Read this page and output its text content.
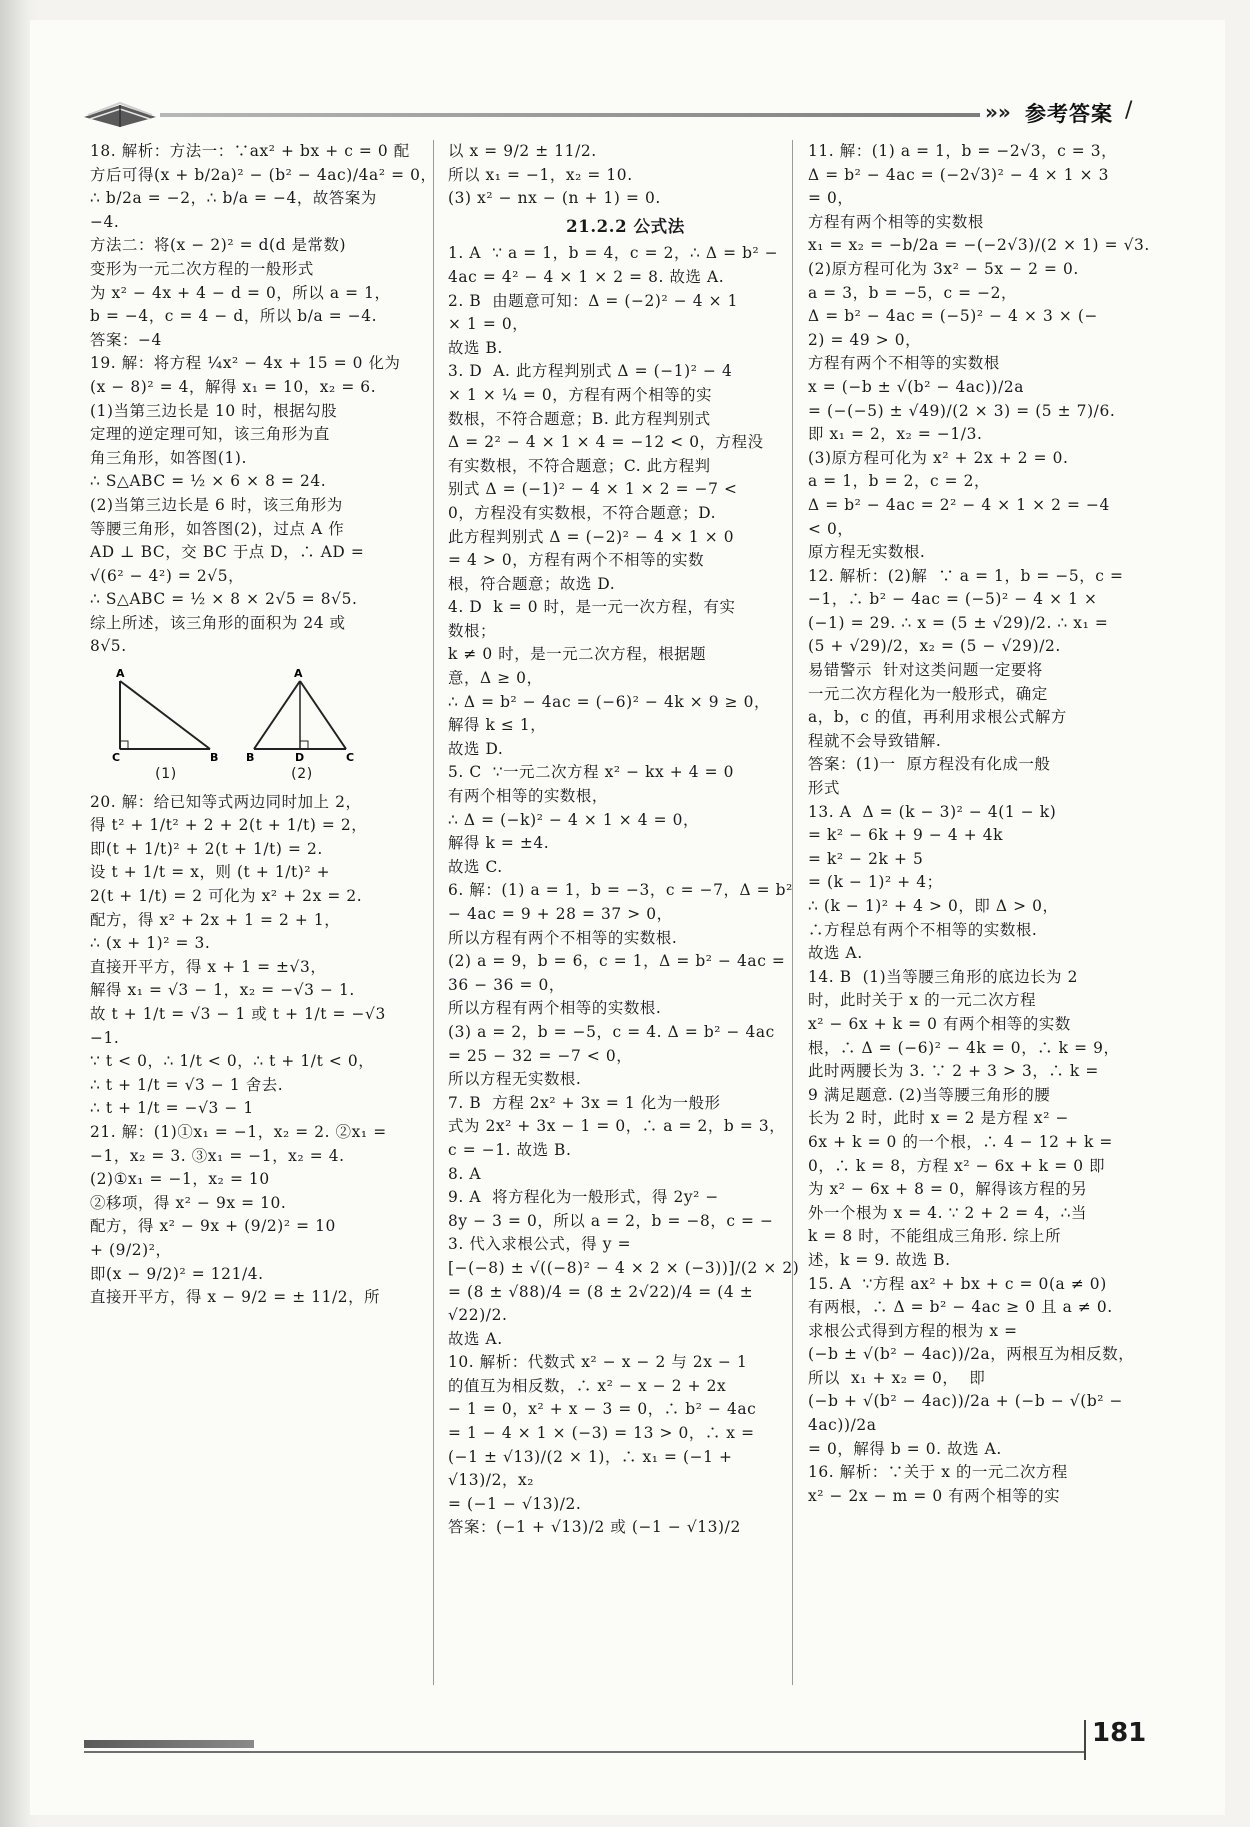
»» 参考答案 /
18. 解析：方法一：∵ax² + bx + c = 0 配
方后可得(x + b/2a)² − (b² − 4ac)/4a² = 0，
∴ b/2a = −2，∴ b/a = −4，故答案为
−4.
方法二：将(x − 2)² = d(d 是常数)
变形为一元二次方程的一般形式
为 x² − 4x + 4 − d = 0，所以 a = 1，
b = −4，c = 4 − d，所以 b/a = −4.
答案：−4
19. 解：将方程 ¼x² − 4x + 15 = 0 化为
(x − 8)² = 4，解得 x₁ = 10，x₂ = 6.
(1)当第三边长是 10 时，根据勾股
定理的逆定理可知，该三角形为直
角三角形，如答图(1).
∴ S△ABC = ½ × 6 × 8 = 24.
(2)当第三边长是 6 时，该三角形为
等腰三角形，如答图(2)，过点 A 作
AD ⊥ BC，交 BC 于点 D，∴ AD =
√(6² − 4²) = 2√5，
∴ S△ABC = ½ × 8 × 2√5 = 8√5.
综上所述，该三角形的面积为 24 或
8√5.
A
C	B
(1)
A
B	D	C
(2)
20. 解：给已知等式两边同时加上 2，
得 t² + 1/t² + 2 + 2(t + 1/t) = 2，
即(t + 1/t)² + 2(t + 1/t) = 2.
设 t + 1/t = x，则 (t + 1/t)² +
2(t + 1/t) = 2 可化为 x² + 2x = 2.
配方，得 x² + 2x + 1 = 2 + 1，
∴ (x + 1)² = 3.
直接开平方，得 x + 1 = ±√3，
解得 x₁ = √3 − 1，x₂ = −√3 − 1.
故 t + 1/t = √3 − 1 或 t + 1/t = −√3
−1.
∵ t < 0，∴ 1/t < 0，∴ t + 1/t < 0，
∴ t + 1/t = √3 − 1 舍去.
∴ t + 1/t = −√3 − 1
21. 解：(1)①x₁ = −1，x₂ = 2. ②x₁ =
−1，x₂ = 3. ③x₁ = −1，x₂ = 4.
(2)①x₁ = −1，x₂ = 10
②移项，得 x² − 9x = 10.
配方，得 x² − 9x + (9/2)² = 10
+ (9/2)²，
即(x − 9/2)² = 121/4.
直接开平方，得 x − 9/2 = ± 11/2，所
以 x = 9/2 ± 11/2.
所以 x₁ = −1，x₂ = 10.
(3) x² − nx − (n + 1) = 0.
21.2.2 公式法
1. A  ∵ a = 1，b = 4，c = 2，∴ Δ = b² −
4ac = 4² − 4 × 1 × 2 = 8. 故选 A.
2. B  由题意可知：Δ = (−2)² − 4 × 1
× 1 = 0，
故选 B.
3. D  A. 此方程判别式 Δ = (−1)² − 4
× 1 × ¼ = 0，方程有两个相等的实
数根，不符合题意；B. 此方程判别式
Δ = 2² − 4 × 1 × 4 = −12 < 0，方程没
有实数根，不符合题意；C. 此方程判
别式 Δ = (−1)² − 4 × 1 × 2 = −7 <
0，方程没有实数根，不符合题意；D.
此方程判别式 Δ = (−2)² − 4 × 1 × 0
= 4 > 0，方程有两个不相等的实数
根，符合题意；故选 D.
4. D  k = 0 时，是一元一次方程，有实
数根；
k ≠ 0 时，是一元二次方程，根据题
意，Δ ≥ 0，
∴ Δ = b² − 4ac = (−6)² − 4k × 9 ≥ 0，
解得 k ≤ 1，
故选 D.
5. C  ∵一元二次方程 x² − kx + 4 = 0
有两个相等的实数根，
∴ Δ = (−k)² − 4 × 1 × 4 = 0，
解得 k = ±4.
故选 C.
6. 解：(1) a = 1，b = −3，c = −7，Δ = b²
− 4ac = 9 + 28 = 37 > 0，
所以方程有两个不相等的实数根.
(2) a = 9，b = 6，c = 1，Δ = b² − 4ac =
36 − 36 = 0，
所以方程有两个相等的实数根.
(3) a = 2，b = −5，c = 4. Δ = b² − 4ac
= 25 − 32 = −7 < 0，
所以方程无实数根.
7. B  方程 2x² + 3x = 1 化为一般形
式为 2x² + 3x − 1 = 0，∴ a = 2，b = 3，
c = −1. 故选 B.
8. A
9. A  将方程化为一般形式，得 2y² −
8y − 3 = 0，所以 a = 2，b = −8，c = −
3. 代入求根公式，得 y =
[−(−8) ± √((−8)² − 4 × 2 × (−3))]/(2 × 2)
= (8 ± √88)/4 = (8 ± 2√22)/4 = (4 ± √22)/2.
故选 A.
10. 解析：代数式 x² − x − 2 与 2x − 1
的值互为相反数，∴ x² − x − 2 + 2x
− 1 = 0，x² + x − 3 = 0，∴ b² − 4ac
= 1 − 4 × 1 × (−3) = 13 > 0，∴ x =
(−1 ± √13)/(2 × 1)，∴ x₁ = (−1 + √13)/2，x₂
= (−1 − √13)/2.
答案：(−1 + √13)/2 或 (−1 − √13)/2
11. 解：(1) a = 1，b = −2√3，c = 3，
Δ = b² − 4ac = (−2√3)² − 4 × 1 × 3
= 0，
方程有两个相等的实数根
x₁ = x₂ = −b/2a = −(−2√3)/(2 × 1) = √3.
(2)原方程可化为 3x² − 5x − 2 = 0.
a = 3，b = −5，c = −2，
Δ = b² − 4ac = (−5)² − 4 × 3 × (−
2) = 49 > 0，
方程有两个不相等的实数根
x = (−b ± √(b² − 4ac))/2a
= (−(−5) ± √49)/(2 × 3) = (5 ± 7)/6.
即 x₁ = 2，x₂ = −1/3.
(3)原方程可化为 x² + 2x + 2 = 0.
a = 1，b = 2，c = 2，
Δ = b² − 4ac = 2² − 4 × 1 × 2 = −4
< 0，
原方程无实数根.
12. 解析：(2)解  ∵ a = 1，b = −5，c =
−1，∴ b² − 4ac = (−5)² − 4 × 1 ×
(−1) = 29. ∴ x = (5 ± √29)/2. ∴ x₁ =
(5 + √29)/2，x₂ = (5 − √29)/2.
易错警示  针对这类问题一定要将
一元二次方程化为一般形式，确定
a，b，c 的值，再利用求根公式解方
程就不会导致错解.
答案：(1)一  原方程没有化成一般
形式
13. A  Δ = (k − 3)² − 4(1 − k)
= k² − 6k + 9 − 4 + 4k
= k² − 2k + 5
= (k − 1)² + 4；
∴ (k − 1)² + 4 > 0，即 Δ > 0，
∴方程总有两个不相等的实数根.
故选 A.
14. B  (1)当等腰三角形的底边长为 2
时，此时关于 x 的一元二次方程
x² − 6x + k = 0 有两个相等的实数
根，∴ Δ = (−6)² − 4k = 0，∴ k = 9，
此时两腰长为 3. ∵ 2 + 3 > 3，∴ k =
9 满足题意. (2)当等腰三角形的腰
长为 2 时，此时 x = 2 是方程 x² −
6x + k = 0 的一个根，∴ 4 − 12 + k =
0，∴ k = 8，方程 x² − 6x + k = 0 即
为 x² − 6x + 8 = 0，解得该方程的另
外一个根为 x = 4. ∵ 2 + 2 = 4，∴当
k = 8 时，不能组成三角形. 综上所
述，k = 9. 故选 B.
15. A  ∵方程 ax² + bx + c = 0(a ≠ 0)
有两根，∴ Δ = b² − 4ac ≥ 0 且 a ≠ 0.
求根公式得到方程的根为 x =
(−b ± √(b² − 4ac))/2a，两根互为相反数，
所以  x₁ + x₂ = 0，  即
(−b + √(b² − 4ac))/2a + (−b − √(b² − 4ac))/2a
= 0，解得 b = 0. 故选 A.
16. 解析：∵关于 x 的一元二次方程
x² − 2x − m = 0 有两个相等的实
181
